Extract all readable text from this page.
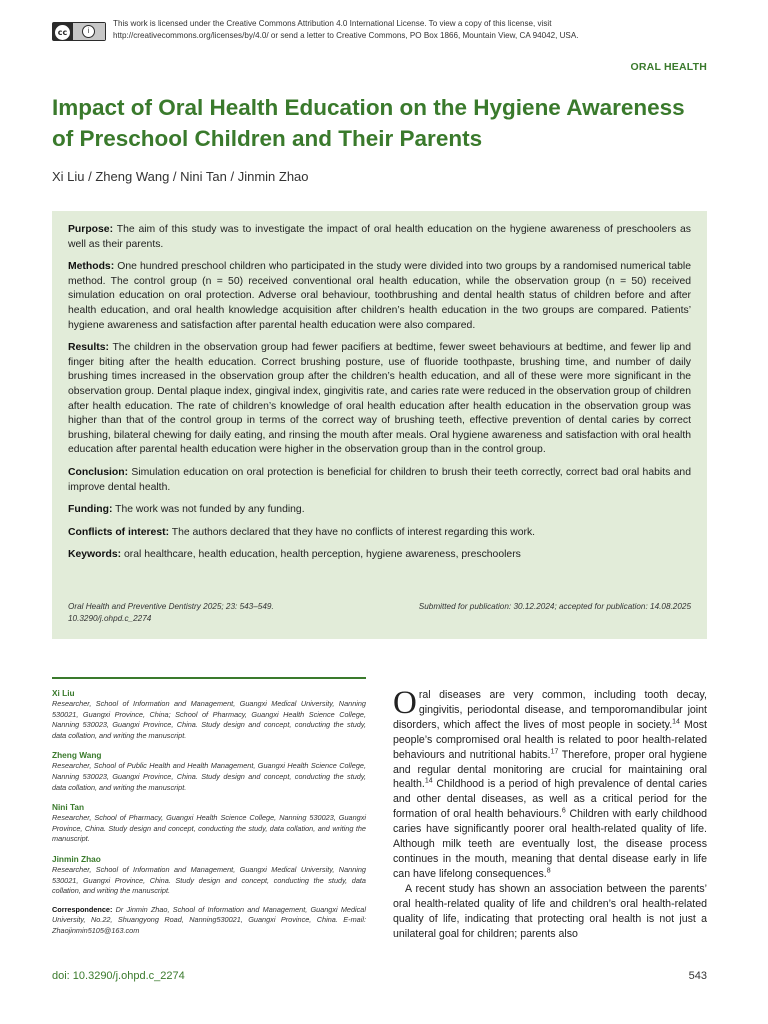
cc	i
This work is licensed under the Creative Commons Attribution 4.0 International License. To view a copy of this license, visit
http://creativecommons.org/licenses/by/4.0/ or send a letter to Creative Commons, PO Box 1866, Mountain View, CA 94042, USA.
ORAL HEALTH
Impact of Oral Health Education on the Hygiene Awareness of Preschool Children and Their Parents
Xi Liu / Zheng Wang / Nini Tan / Jinmin Zhao

Purpose: The aim of this study was to investigate the impact of oral health education on the hygiene awareness of preschoolers as well as their parents.

Methods: One hundred preschool children who participated in the study were divided into two groups by a randomised numerical table method. The control group (n = 50) received conventional oral health education, while the observation group (n = 50) received simulation education on oral protection. Adverse oral behaviour, toothbrushing and dental health status of children before and after health education, and oral health knowledge acquisition after children’s health education in the two groups are compared. Patients’ hygiene awareness and satisfaction after parental health education were also compared.

Results: The children in the observation group had fewer pacifiers at bedtime, fewer sweet behaviours at bedtime, and fewer lip and finger biting after the health education. Correct brushing posture, use of fluoride toothpaste, brushing time, and number of daily brushing times increased in the observation group after the children’s health education, and all of these were more significant in the observation group. Dental plaque index, gingival index, gingivitis rate, and caries rate were reduced in the observation group of children after health education. The rate of children’s knowledge of oral health education after health education in the observation group was higher than that of the control group in terms of the correct way of brushing teeth, effective prevention of dental caries by correct brushing, bilateral chewing for daily eating, and rinsing the mouth after meals. Oral hygiene awareness and satisfaction with oral health education after parental health education were higher in the observation group than in the control group.

Conclusion: Simulation education on oral protection is beneficial for children to brush their teeth correctly, correct bad oral habits and improve dental health.

Funding: The work was not funded by any funding.

Conflicts of interest: The authors declared that they have no conflicts of interest regarding this work.

Keywords: oral healthcare, health education, health perception, hygiene awareness, preschoolers

Oral Health and Preventive Dentistry 2025; 23: 543–549.
10.3290/j.ohpd.c_2274
Submitted for publication: 30.12.2024; accepted for publication: 14.08.2025
Xi Liu
Researcher, School of Information and Management, Guangxi Medical University, Nanning 530021, Guangxi Province, China; School of Pharmacy, Guangxi Health Science College, Nanning 530023, Guangxi Province, China. Study design and concept, conducting the study, data collation, and writing the manuscript.
Zheng Wang
Researcher, School of Public Health and Health Management, Guangxi Health Science College, Nanning 530023, Guangxi Province, China. Study design and concept, conducting the study, data collation, and writing the manuscript.
Nini Tan
Researcher, School of Pharmacy, Guangxi Health Science College, Nanning 530023, Guangxi Province, China. Study design and concept, conducting the study, data collation, and writing the manuscript.
Jinmin Zhao
Researcher, School of Information and Management, Guangxi Medical University, Nanning 530021, Guangxi Province, China. Study design and concept, conducting the study, data collation, and writing the manuscript.
Correspondence: Dr Jinmin Zhao, School of Information and Management, Guangxi Medical University, No.22, Shuangyong Road, Nanning530021, Guangxi Province, China. E-mail: Zhaojinmin5105@163.com

Oral diseases are very common, including tooth decay, gingivitis, periodontal disease, and temporomandibular joint disorders, which affect the lives of most people in society.$^{14}$ Most people’s compromised oral health is related to poor health-related behaviours and nutritional habits.$^{17}$ Therefore, proper oral hygiene and regular dental monitoring are crucial for maintaining oral health.$^{14}$ Childhood is a period of high prevalence of dental caries and other dental diseases, as well as a critical period for the formation of oral health behaviours.$^6$ Children with early childhood caries have significantly poorer oral health-related quality of life. Although milk teeth are eventually lost, the disease process continues in the mouth, meaning that dental disease early in life can have lifelong consequences.$^8$

A recent study has shown an association between the parents’ oral health-related quality of life and children’s oral health-related quality of life, indicating that protecting oral health is not just a unilateral goal for children; parents also

doi: 10.3290/j.ohpd.c_2274	543
